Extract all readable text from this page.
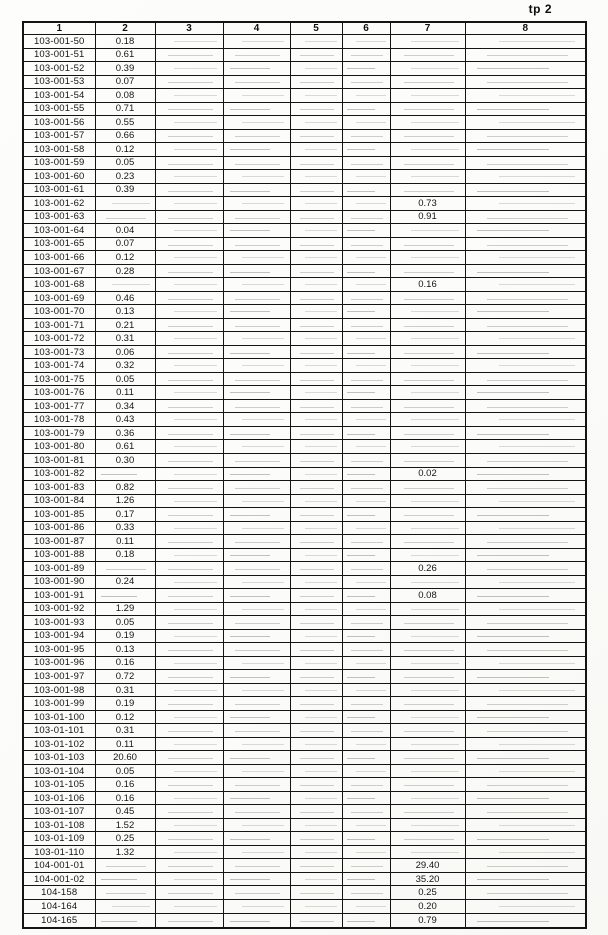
tp 2
1	2	3	4	5	6	7	8
103-001-50	0.18						
103-001-51	0.61						
103-001-52	0.39						
103-001-53	0.07						
103-001-54	0.08						
103-001-55	0.71						
103-001-56	0.55						
103-001-57	0.66						
103-001-58	0.12						
103-001-59	0.05						
103-001-60	0.23						
103-001-61	0.39						
103-001-62						0.73	
103-001-63						0.91	
103-001-64	0.04						
103-001-65	0.07						
103-001-66	0.12						
103-001-67	0.28						
103-001-68						0.16	
103-001-69	0.46						
103-001-70	0.13						
103-001-71	0.21						
103-001-72	0.31						
103-001-73	0.06						
103-001-74	0.32						
103-001-75	0.05						
103-001-76	0.11						
103-001-77	0.34						
103-001-78	0.43						
103-001-79	0.36						
103-001-80	0.61						
103-001-81	0.30						
103-001-82						0.02	
103-001-83	0.82						
103-001-84	1.26						
103-001-85	0.17						
103-001-86	0.33						
103-001-87	0.11						
103-001-88	0.18						
103-001-89						0.26	
103-001-90	0.24						
103-001-91						0.08	
103-001-92	1.29						
103-001-93	0.05						
103-001-94	0.19						
103-001-95	0.13						
103-001-96	0.16						
103-001-97	0.72						
103-001-98	0.31						
103-001-99	0.19						
103-01-100	0.12						
103-01-101	0.31						
103-01-102	0.11						
103-01-103	20.60						
103-01-104	0.05						
103-01-105	0.16						
103-01-106	0.16						
103-01-107	0.45						
103-01-108	1.52						
103-01-109	0.25						
103-01-110	1.32						
104-001-01						29.40	
104-001-02						35.20	
104-158						0.25	
104-164						0.20	
104-165						0.79	
